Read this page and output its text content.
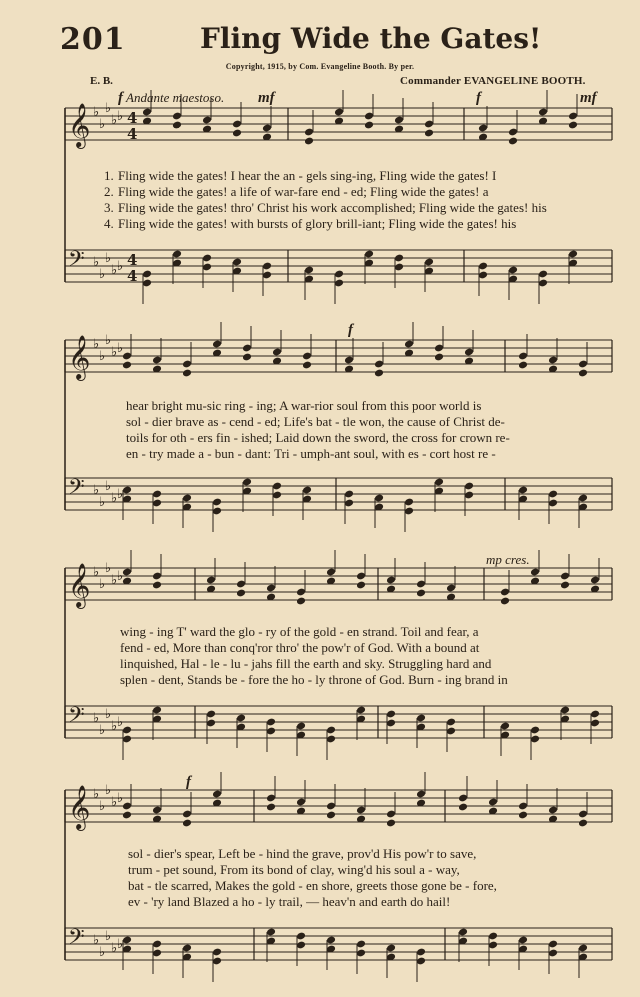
201	Fling Wide the Gates!
Copyright, 1915, by Com. Evangeline Booth. By per.
E. B.	Commander EVANGELINE BOOTH.
f Andante maestoso. mf	f	mf
f
mp cres.
f
1. Fling wide the gates! I hear the an - gels sing-ing, Fling wide the gates! I
2. Fling wide the gates! a life of war-fare end - ed; Fling wide the gates! a
3. Fling wide the gates! thro' Christ his work accomplished; Fling wide the gates! his
4. Fling wide the gates! with bursts of glory brill-iant; Fling wide the gates! his
hear bright mu-sic ring - ing; A war-rior soul from this poor world is
sol - dier brave as - cend - ed; Life's bat - tle won, the cause of Christ de-
toils for oth - ers fin - ished; Laid down the sword, the cross for crown re-
en - try made a - bun - dant: Tri - umph-ant soul, with es - cort host re -
wing - ing T' ward the glo - ry of the gold - en strand. Toil and fear, a
fend - ed, More than conq'ror thro' the pow'r of God. With a bound at
linquished, Hal - le - lu - jahs fill the earth and sky. Struggling hard and
splen - dent, Stands be - fore the ho - ly throne of God. Burn - ing brand in
sol - dier's spear, Left be - hind the grave, prov'd His pow'r to save,
trum - pet sound, From its bond of clay, wing'd his soul a - way,
bat - tle scarred, Makes the gold - en shore, greets those gone be - fore,
ev - 'ry land Blazed a ho - ly trail, — heav'n and earth do hail!
𝄞 ♭
♭
♭
♭ ♭ 4
4
𝄢 ♭
♭
♭
♭ ♭ 4
4
𝄞 ♭
♭
♭
♭ ♭
𝄢 ♭
♭
♭
♭ ♭
𝄞 ♭
♭
♭
♭ ♭
𝄢 ♭
♭
♭
♭ ♭
𝄞 ♭
♭
♭
♭ ♭
𝄢 ♭
♭
♭
♭ ♭
